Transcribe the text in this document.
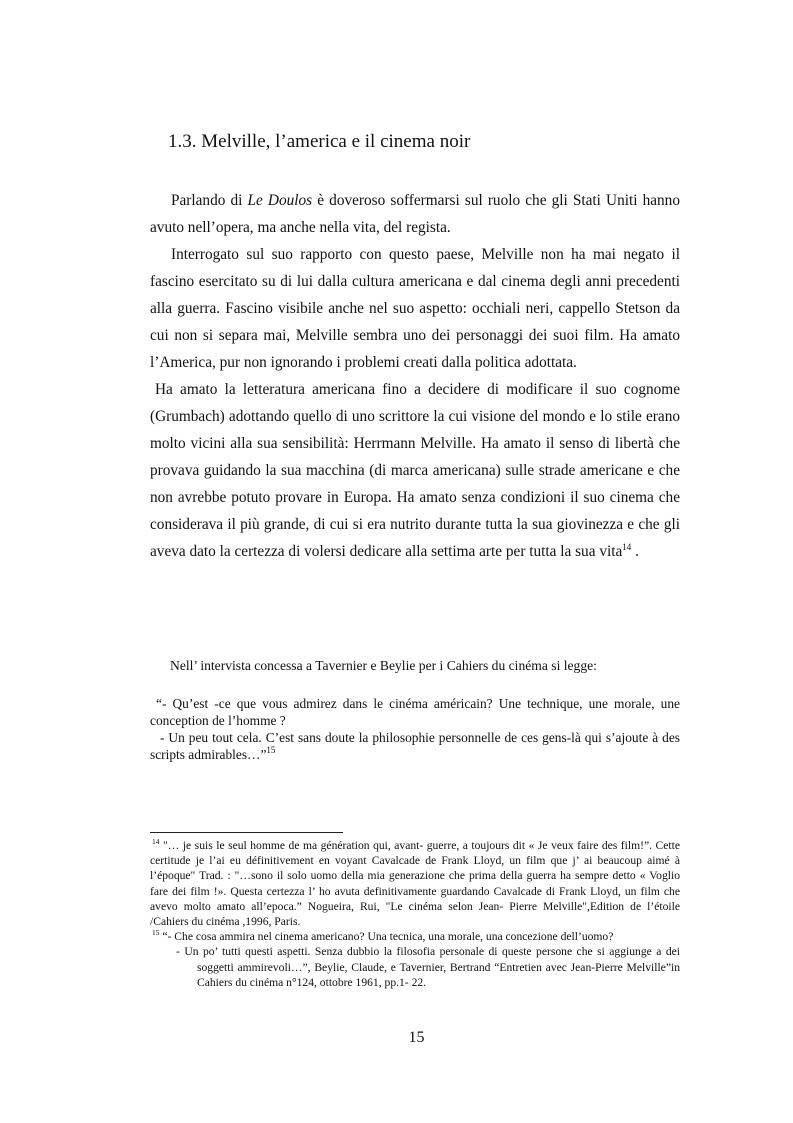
1.3. Melville, l’america e il cinema noir

Parlando di Le Doulos è doveroso soffermarsi sul ruolo che gli Stati Uniti hanno avuto nell’opera, ma anche nella vita, del regista.

Interrogato sul suo rapporto con questo paese, Melville non ha mai negato il fascino esercitato su di lui dalla cultura americana e dal cinema degli anni precedenti alla guerra. Fascino visibile anche nel suo aspetto: occhiali neri, cappello Stetson da cui non si separa mai, Melville sembra uno dei personaggi dei suoi film. Ha amato l’America, pur non ignorando i problemi creati dalla politica adottata.

Ha amato la letteratura americana fino a decidere di modificare il suo cognome (Grumbach) adottando quello di uno scrittore la cui visione del mondo e lo stile erano molto vicini alla sua sensibilità: Herrmann Melville. Ha amato il senso di libertà che provava guidando la sua macchina (di marca americana) sulle strade americane e che non avrebbe potuto provare in Europa. Ha amato senza condizioni il suo cinema che considerava il più grande, di cui si era nutrito durante tutta la sua giovinezza e che gli aveva dato la certezza di volersi dedicare alla settima arte per tutta la sua vita$^{14}$ .

Nell’ intervista concessa a Tavernier e Beylie per i Cahiers du cinéma si legge:

“- Qu’est -ce que vous admirez dans le cinéma américain? Une technique, une morale, une conception de l’homme ?

- Un peu tout cela. C’est sans doute la philosophie personnelle de ces gens-là qui s’ajoute à des scripts admirables…”$^{15}$

$^{14}$ "… je suis le seul homme de ma génération qui, avant- guerre, a toujours dit « Je veux faire des film!”. Cette certitude je l’ai eu définitivement en voyant Cavalcade de Frank Lloyd, un film que j’ ai beaucoup aimé à l’époque" Trad. : "…sono il solo uomo della mia generazione che prima della guerra ha sempre detto « Voglio fare dei film !». Questa certezza l’ ho avuta definitivamente guardando Cavalcade di Frank Lloyd, un film che avevo molto amato all’epoca.” Nogueira, Rui, "Le cinéma selon Jean- Pierre Melville",Edition de l’étoile /Cahiers du cinéma ,1996, Paris.

$^{15}$ “- Che cosa ammira nel cinema americano? Una tecnica, una morale, una concezione dell’uomo?

- Un po’ tutti questi aspetti. Senza dubbio la filosofia personale di queste persone che si aggiunge a dei soggetti ammirevoli…”, Beylie, Claude, e Tavernier, Bertrand “Entretien avec Jean-Pierre Melville”in Cahiers du cinéma n°124, ottobre 1961, pp.1- 22.

15
